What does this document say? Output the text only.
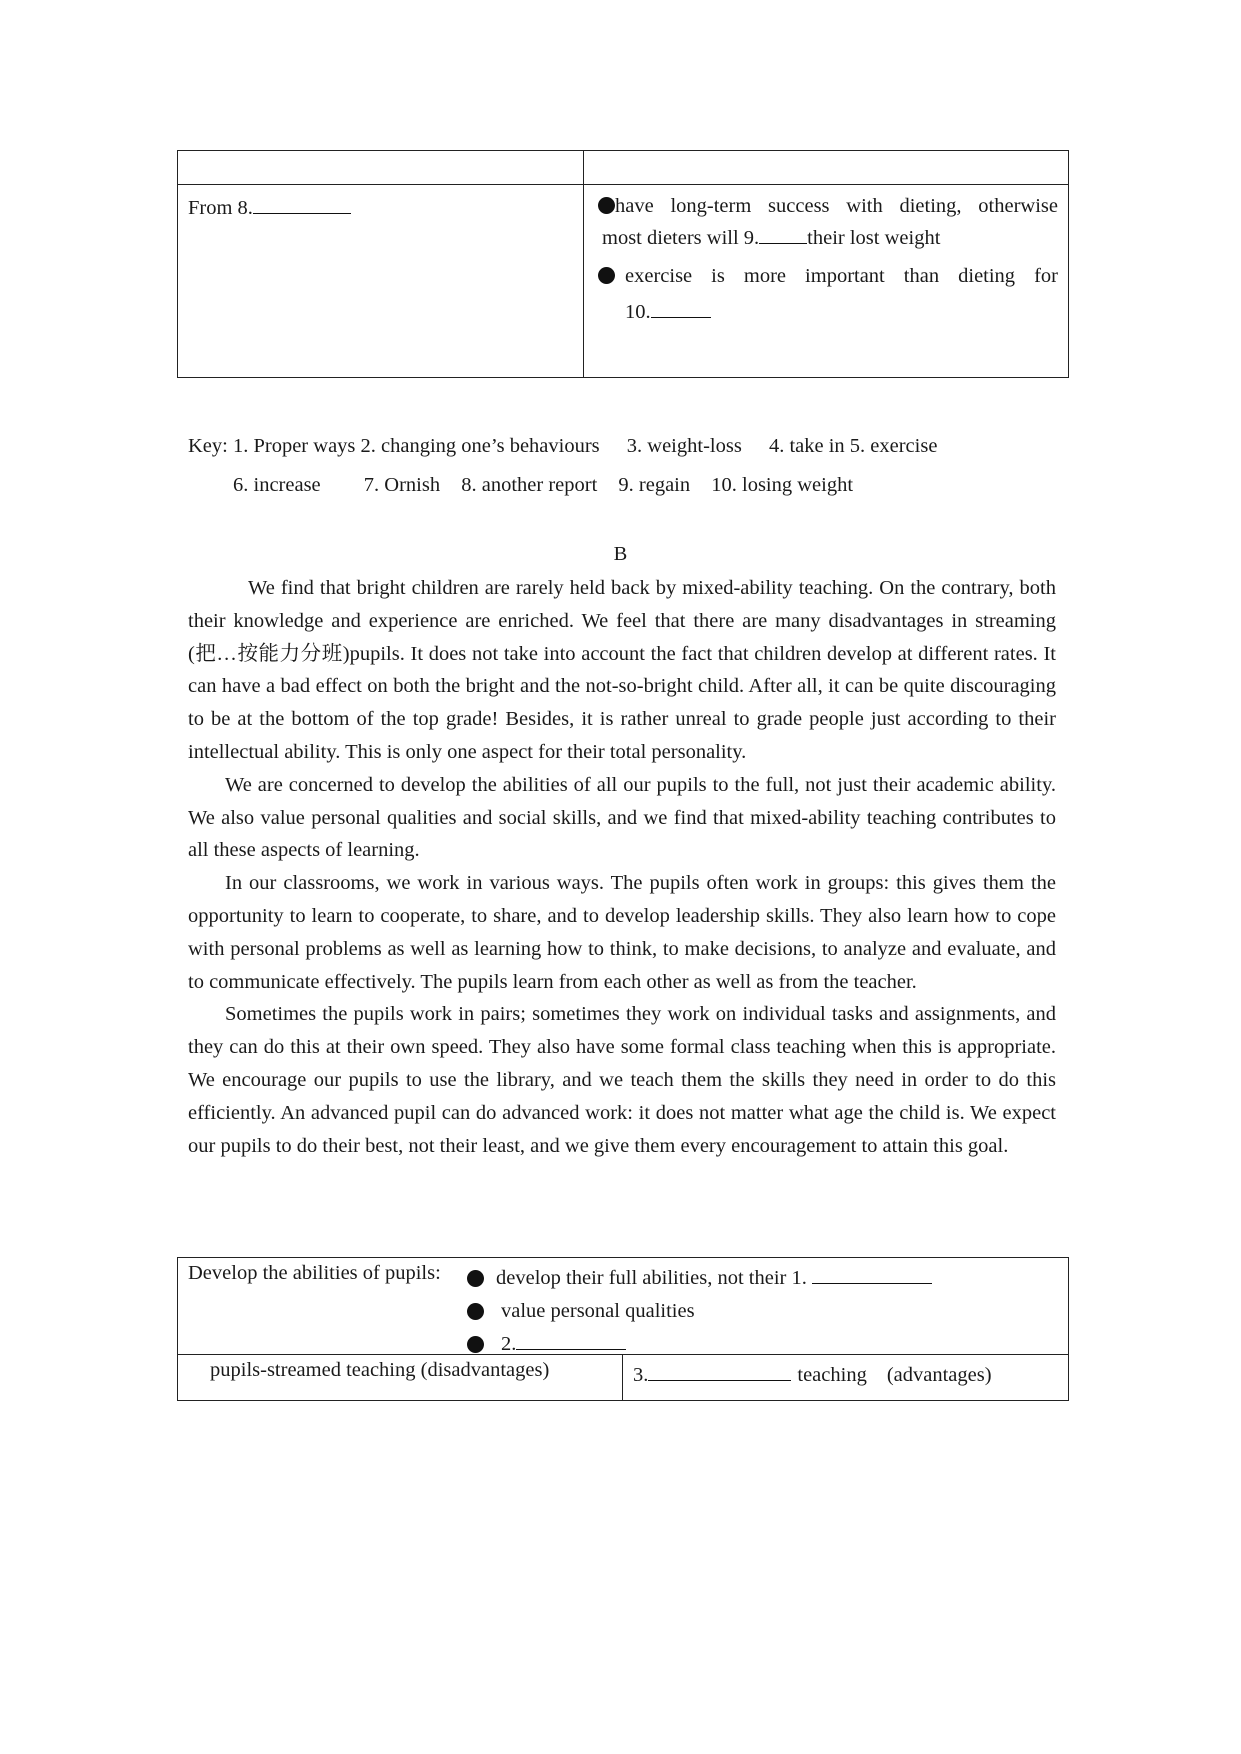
From 8.	have long-term success with dieting, otherwise
most dieters will 9. their lost weight
exercise is more important than dieting for
10.
Key: 1. Proper ways 2. changing one’s behaviours 3. weight-loss 4. take in 5. exercise
6. increase 7. Ornish 8. another report 9. regain 10. losing weight
B

We find that bright children are rarely held back by mixed-ability teaching. On the contrary, both their knowledge and experience are enriched. We feel that there are many disadvantages in streaming (把…按能力分班)pupils. It does not take into account the fact that children develop at different rates. It can have a bad effect on both the bright and the not-so-bright child. After all, it can be quite discouraging to be at the bottom of the top grade! Besides, it is rather unreal to grade people just according to their intellectual ability. This is only one aspect for their total personality.

We are concerned to develop the abilities of all our pupils to the full, not just their academic ability. We also value personal qualities and social skills, and we find that mixed-ability teaching contributes to all these aspects of learning.

In our classrooms, we work in various ways. The pupils often work in groups: this gives them the opportunity to learn to cooperate, to share, and to develop leadership skills. They also learn how to cope with personal problems as well as learning how to think, to make decisions, to analyze and evaluate, and to communicate effectively. The pupils learn from each other as well as from the teacher.

Sometimes the pupils work in pairs; sometimes they work on individual tasks and assignments, and they can do this at their own speed. They also have some formal class teaching when this is appropriate. We encourage our pupils to use the library, and we teach them the skills they need in order to do this efficiently. An advanced pupil can do advanced work: it does not matter what age the child is. We expect our pupils to do their best, not their least, and we give them every encouragement to attain this goal.

Develop the abilities of pupils:	develop their full abilities, not their 1.
value personal qualities
2.

pupils-streamed teaching (disadvantages)	3.	teaching (advantages)
